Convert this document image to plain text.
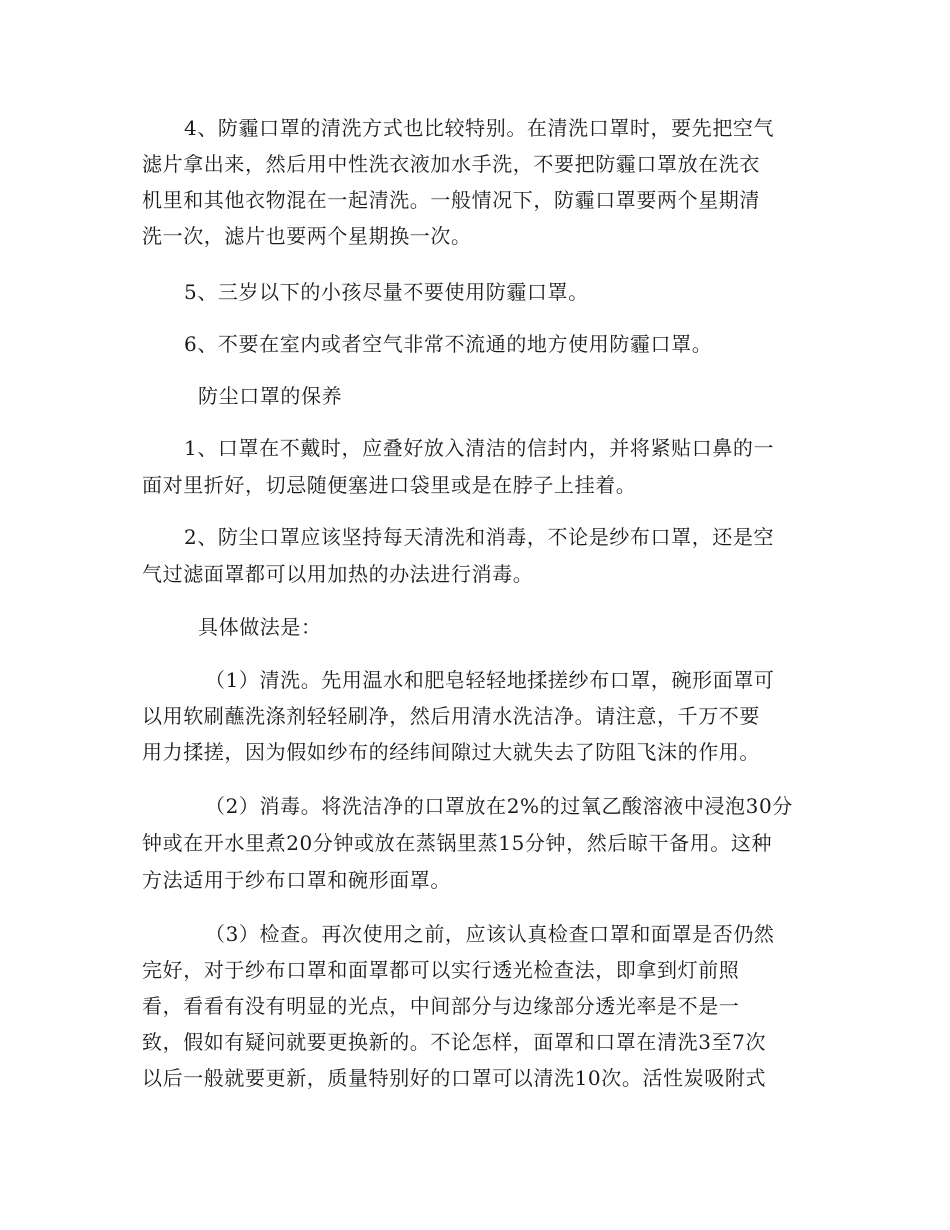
4、防霾口罩的清洗方式也比较特别。在清洗口罩时，要先把空气
滤片拿出来，然后用中性洗衣液加水手洗，不要把防霾口罩放在洗衣
机里和其他衣物混在一起清洗。一般情况下，防霾口罩要两个星期清
洗一次，滤片也要两个星期换一次。
5、三岁以下的小孩尽量不要使用防霾口罩。
6、不要在室内或者空气非常不流通的地方使用防霾口罩。
防尘口罩的保养
1、口罩在不戴时，应叠好放入清洁的信封内，并将紧贴口鼻的一
面对里折好，切忌随便塞进口袋里或是在脖子上挂着。
2、防尘口罩应该坚持每天清洗和消毒，不论是纱布口罩，还是空
气过滤面罩都可以用加热的办法进行消毒。
具体做法是：
（1）清洗。先用温水和肥皂轻轻地揉搓纱布口罩，碗形面罩可
以用软刷蘸洗涤剂轻轻刷净，然后用清水洗洁净。请注意，千万不要
用力揉搓，因为假如纱布的经纬间隙过大就失去了防阻飞沫的作用。
（2）消毒。将洗洁净的口罩放在2%的过氧乙酸溶液中浸泡30分
钟或在开水里煮20分钟或放在蒸锅里蒸15分钟，然后晾干备用。这种
方法适用于纱布口罩和碗形面罩。
（3）检查。再次使用之前，应该认真检查口罩和面罩是否仍然
完好，对于纱布口罩和面罩都可以实行透光检查法，即拿到灯前照
看，看看有没有明显的光点，中间部分与边缘部分透光率是不是一
致，假如有疑问就要更换新的。不论怎样，面罩和口罩在清洗3至7次
以后一般就要更新，质量特别好的口罩可以清洗10次。活性炭吸附式
